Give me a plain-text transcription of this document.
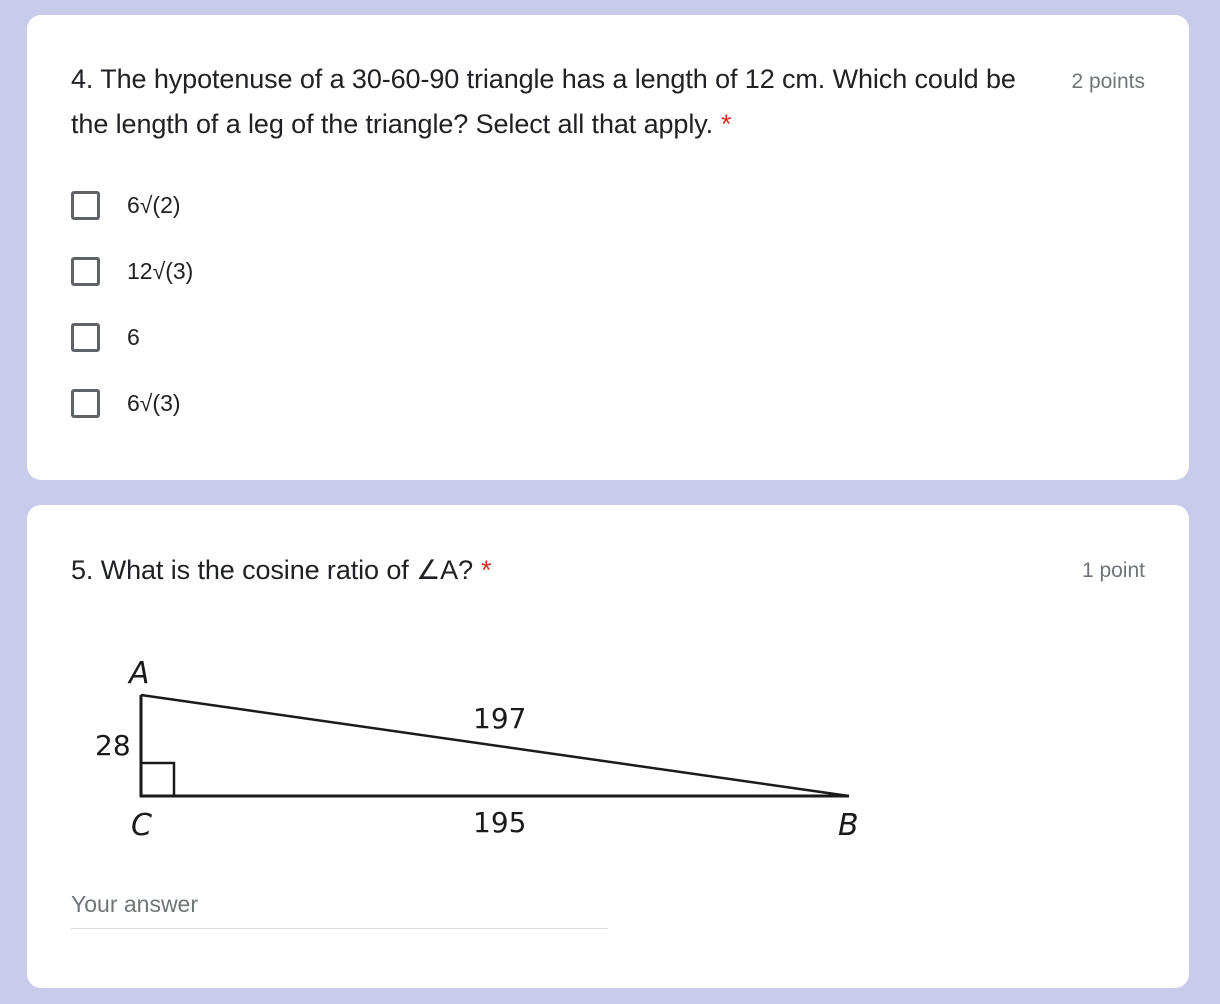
4. The hypotenuse of a 30-60-90 triangle has a length of 12 cm. Which could be the length of a leg of the triangle? Select all that apply. *
2 points
6√(2)
12√(3)
6
6√(3)
5. What is the cosine ratio of ∠A? *	1 point
A
C	B
28
197
195
Your answer
